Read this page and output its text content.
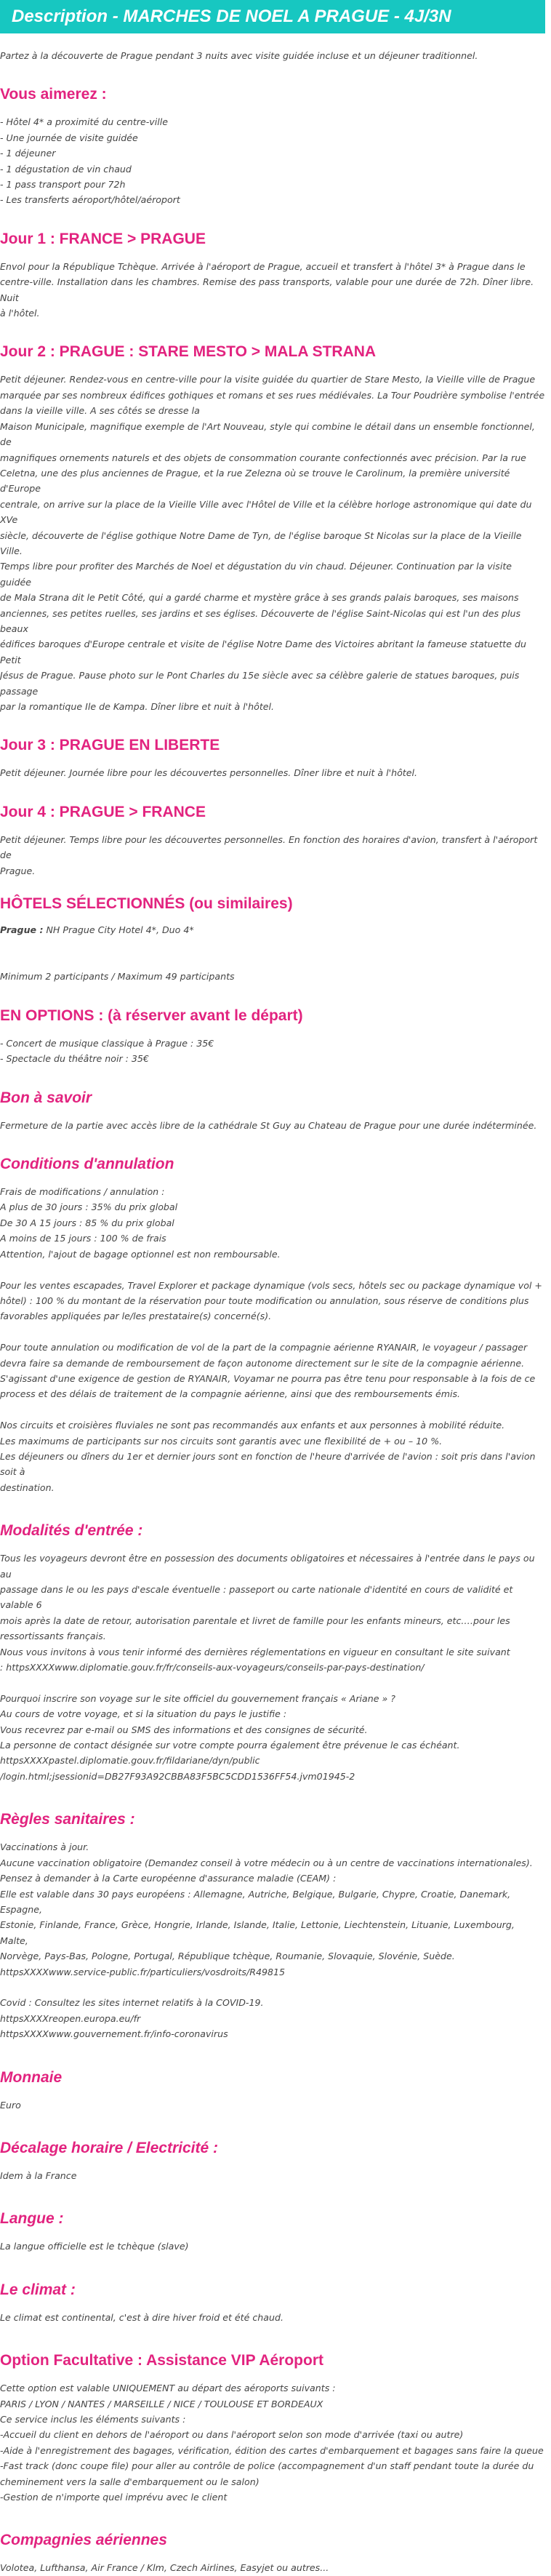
Description - MARCHES DE NOEL A PRAGUE - 4J/3N

Partez à la découverte de Prague pendant 3 nuits avec visite guidée incluse et un déjeuner traditionnel.

Vous aimerez :

- Hôtel 4* a proximité du centre-ville

- Une journée de visite guidée

- 1 déjeuner

- 1 dégustation de vin chaud

- 1 pass transport pour 72h

- Les transferts aéroport/hôtel/aéroport

Jour 1 : FRANCE > PRAGUE

Envol pour la République Tchèque. Arrivée à l'aéroport de Prague, accueil et transfert à l'hôtel 3* à Prague dans le

centre-ville. Installation dans les chambres. Remise des pass transports, valable pour une durée de 72h. Dîner libre. Nuit

à l'hôtel.

Jour 2 : PRAGUE : STARE MESTO > MALA STRANA

Petit déjeuner. Rendez-vous en centre-ville pour la visite guidée du quartier de Stare Mesto, la Vieille ville de Prague

marquée par ses nombreux édifices gothiques et romans et ses rues médiévales. La Tour Poudrière symbolise l'entrée

dans la vieille ville. A ses côtés se dresse la

Maison Municipale, magnifique exemple de l'Art Nouveau, style qui combine le détail dans un ensemble fonctionnel, de

magnifiques ornements naturels et des objets de consommation courante confectionnés avec précision. Par la rue

Celetna, une des plus anciennes de Prague, et la rue Zelezna où se trouve le Carolinum, la première université d'Europe

centrale, on arrive sur la place de la Vieille Ville avec l'Hôtel de Ville et la célèbre horloge astronomique qui date du XVe

siècle, découverte de l'église gothique Notre Dame de Tyn, de l'église baroque St Nicolas sur la place de la Vieille Ville.

Temps libre pour profiter des Marchés de Noel et dégustation du vin chaud. Déjeuner. Continuation par la visite guidée

de Mala Strana dit le Petit Côté, qui a gardé charme et mystère grâce à ses grands palais baroques, ses maisons

anciennes, ses petites ruelles, ses jardins et ses églises. Découverte de l'église Saint-Nicolas qui est l'un des plus beaux

édifices baroques d'Europe centrale et visite de l'église Notre Dame des Victoires abritant la fameuse statuette du Petit

Jésus de Prague. Pause photo sur le Pont Charles du 15e siècle avec sa célèbre galerie de statues baroques, puis passage

par la romantique Ile de Kampa. Dîner libre et nuit à l'hôtel.

Jour 3 : PRAGUE EN LIBERTE

Petit déjeuner. Journée libre pour les découvertes personnelles. Dîner libre et nuit à l'hôtel.

Jour 4 : PRAGUE > FRANCE

Petit déjeuner. Temps libre pour les découvertes personnelles. En fonction des horaires d'avion, transfert à l'aéroport de

Prague.

HÔTELS SÉLECTIONNÉS (ou similaires)

Prague : NH Prague City Hotel 4*, Duo 4*

Minimum 2 participants / Maximum 49 participants

EN OPTIONS : (à réserver avant le départ)

- Concert de musique classique à Prague : 35€

- Spectacle du théâtre noir : 35€

Bon à savoir

Fermeture de la partie avec accès libre de la cathédrale St Guy au Chateau de Prague pour une durée indéterminée.

Conditions d'annulation

Frais de modifications / annulation :

A plus de 30 jours : 35% du prix global

De 30 A 15 jours : 85 % du prix global

A moins de 15 jours : 100 % de frais

Attention, l'ajout de bagage optionnel est non remboursable.

Pour les ventes escapades, Travel Explorer et package dynamique (vols secs, hôtels sec ou package dynamique vol +

hôtel) : 100 % du montant de la réservation pour toute modification ou annulation, sous réserve de conditions plus

favorables appliquées par le/les prestataire(s) concerné(s).

Pour toute annulation ou modification de vol de la part de la compagnie aérienne RYANAIR, le voyageur / passager

devra faire sa demande de remboursement de façon autonome directement sur le site de la compagnie aérienne.

S'agissant d'une exigence de gestion de RYANAIR, Voyamar ne pourra pas être tenu pour responsable à la fois de ce

process et des délais de traitement de la compagnie aérienne, ainsi que des remboursements émis.

Nos circuits et croisières fluviales ne sont pas recommandés aux enfants et aux personnes à mobilité réduite.

Les maximums de participants sur nos circuits sont garantis avec une flexibilité de + ou – 10 %.

Les déjeuners ou dîners du 1er et dernier jours sont en fonction de l'heure d'arrivée de l'avion : soit pris dans l'avion soit à

destination.

Modalités d'entrée :

Tous les voyageurs devront être en possession des documents obligatoires et nécessaires à l'entrée dans le pays ou au

passage dans le ou les pays d'escale éventuelle : passeport ou carte nationale d'identité en cours de validité et valable 6

mois après la date de retour, autorisation parentale et livret de famille pour les enfants mineurs, etc.…pour les

ressortissants français.

Nous vous invitons à vous tenir informé des dernières réglementations en vigueur en consultant le site suivant

: httpsXXXXwww.diplomatie.gouv.fr/fr/conseils-aux-voyageurs/conseils-par-pays-destination/

Pourquoi inscrire son voyage sur le site officiel du gouvernement français « Ariane » ?

Au cours de votre voyage, et si la situation du pays le justifie :

Vous recevrez par e-mail ou SMS des informations et des consignes de sécurité.

La personne de contact désignée sur votre compte pourra également être prévenue le cas échéant.

httpsXXXXpastel.diplomatie.gouv.fr/fildariane/dyn/public

/login.html;jsessionid=DB27F93A92CBBA83F5BC5CDD1536FF54.jvm01945-2

Règles sanitaires :

Vaccinations à jour.

Aucune vaccination obligatoire (Demandez conseil à votre médecin ou à un centre de vaccinations internationales).

Pensez à demander à la Carte européenne d'assurance maladie (CEAM) :

Elle est valable dans 30 pays européens : Allemagne, Autriche, Belgique, Bulgarie, Chypre, Croatie, Danemark, Espagne,

Estonie, Finlande, France, Grèce, Hongrie, Irlande, Islande, Italie, Lettonie, Liechtenstein, Lituanie, Luxembourg, Malte,

Norvège, Pays-Bas, Pologne, Portugal, République tchèque, Roumanie, Slovaquie, Slovénie, Suède.

httpsXXXXwww.service-public.fr/particuliers/vosdroits/R49815

Covid : Consultez les sites internet relatifs à la COVID-19.

httpsXXXXreopen.europa.eu/fr

httpsXXXXwww.gouvernement.fr/info-coronavirus

Monnaie

Euro

Décalage horaire / Electricité :

Idem à la France

Langue :

La langue officielle est le tchèque (slave)

Le climat :

Le climat est continental, c'est à dire hiver froid et été chaud.

Option Facultative : Assistance VIP Aéroport

Cette option est valable UNIQUEMENT au départ des aéroports suivants :

PARIS / LYON / NANTES / MARSEILLE / NICE / TOULOUSE ET BORDEAUX

Ce service inclus les éléments suivants :

-Accueil du client en dehors de l'aéroport ou dans l'aéroport selon son mode d'arrivée (taxi ou autre)

-Aide à l'enregistrement des bagages, vérification, édition des cartes d'embarquement et bagages sans faire la queue

-Fast track (donc coupe file) pour aller au contrôle de police (accompagnement d'un staff pendant toute la durée du

cheminement vers la salle d'embarquement ou le salon)

-Gestion de n'importe quel imprévu avec le client

Compagnies aériennes

Volotea, Lufthansa, Air France / Klm, Czech Airlines, Easyjet ou autres...
